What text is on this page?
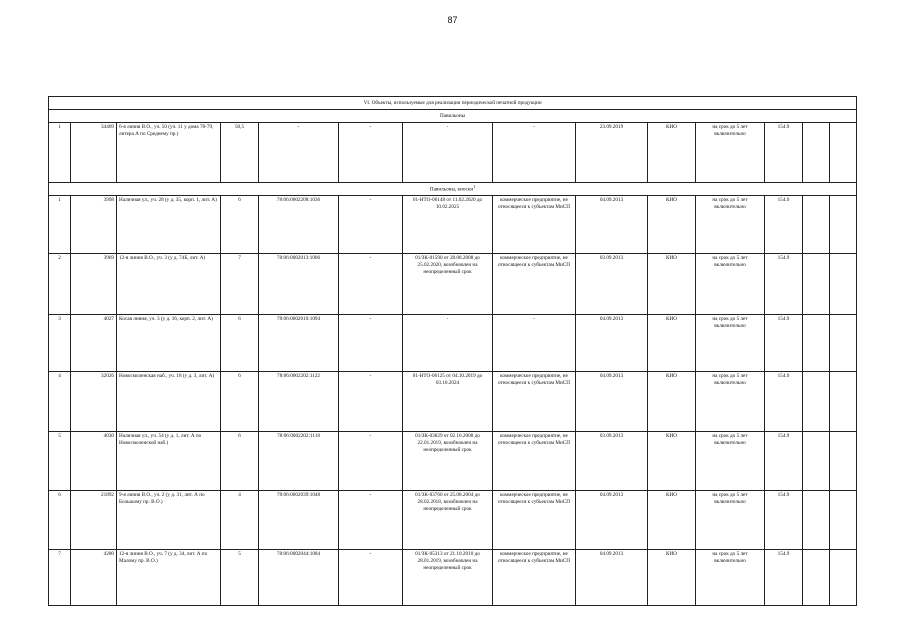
87
VI. Объекты, используемые для реализации периодической печатной продукции													
Павильоны													
1	34409	6-я линия В.О., уч. 50 (уч. 11 у дома 78-79, литера А по Среднему пр.)	50,5	-	-	-	-	23.09.2019	КИО	на срок до 5 лет включительно	154.9		
Павильоны, киоски$^1$
1	3998	Наличная ул., уч. 28 (у д. 35, корп. 1, лит. А)	6	78:06:0002208:1036	-	01-НТО-06148 от 11.02.2020 до 10.02.2025	коммерческое предприятие, не относящееся к субъектам МиСП	04.09.2013	КИО	на срок до 5 лет включительно	154.9		
2	3969	12-я линия В.О., уч. 3 (у д. 74Б, лит. А)	7	78:06:0002013:1006	-	01/ЗК-01590 от 28.08.2008 до 25.02.2020, возобновлен на неопределенный срок	коммерческое предприятие, не относящееся к субъектам МиСП	03.09.2013	КИО	на срок до 5 лет включительно	154.9		
3	4027	Косая линия, уч. 3 (у д. 16, корп. 2, лит. А)	6	78:06:0002010:1094	-	-	-	04.09.2013	КИО	на срок до 5 лет включительно	154.9		
4	32026	Новосмоленская наб., уч. 18 (у д. 3, лит. А)	6	78:06:0002202:1122	-	01-НТО-06125 от 04.10.2019 до 03.10.2024	коммерческое предприятие, не относящееся к субъектам МиСП	04.09.2013	КИО	на срок до 5 лет включительно	154.9		
5	4030	Наличная ул., уч. 54 (у д. 1, лит. А по Новосмоленской наб.)	6	78:06:0002202:1118	-	01/ЗК-03829 от 02.10.2008 до 22.01.2019, возобновлен на неопределенный срок	коммерческое предприятие, не относящееся к субъектам МиСП	03.09.2013	КИО	на срок до 5 лет включительно	154.9		
6	21892	9-я линия В.О., уч. 2 (у д. 31, лит. А по Большому пр. В.О.)	4	78:06:0002039:1048	-	01/ЗК-03760 от 25.08.2004 до 28.02.2018, возобновлен на неопределенный срок	коммерческое предприятие, не относящееся к субъектам МиСП	04.09.2013	КИО	на срок до 5 лет включительно	154.9		
7	4280	12-я линия В.О., уч. 7 (у д. 34, лит. А по Малому пр. В.О.)	5	78:06:0002044:1084	-	01/ЗК-05313 от 21.10.2010 до 28.01.2019, возобновлен на неопределенный срок	коммерческое предприятие, не относящееся к субъектам МиСП	04.09.2013	КИО	на срок до 5 лет включительно	154.9		
